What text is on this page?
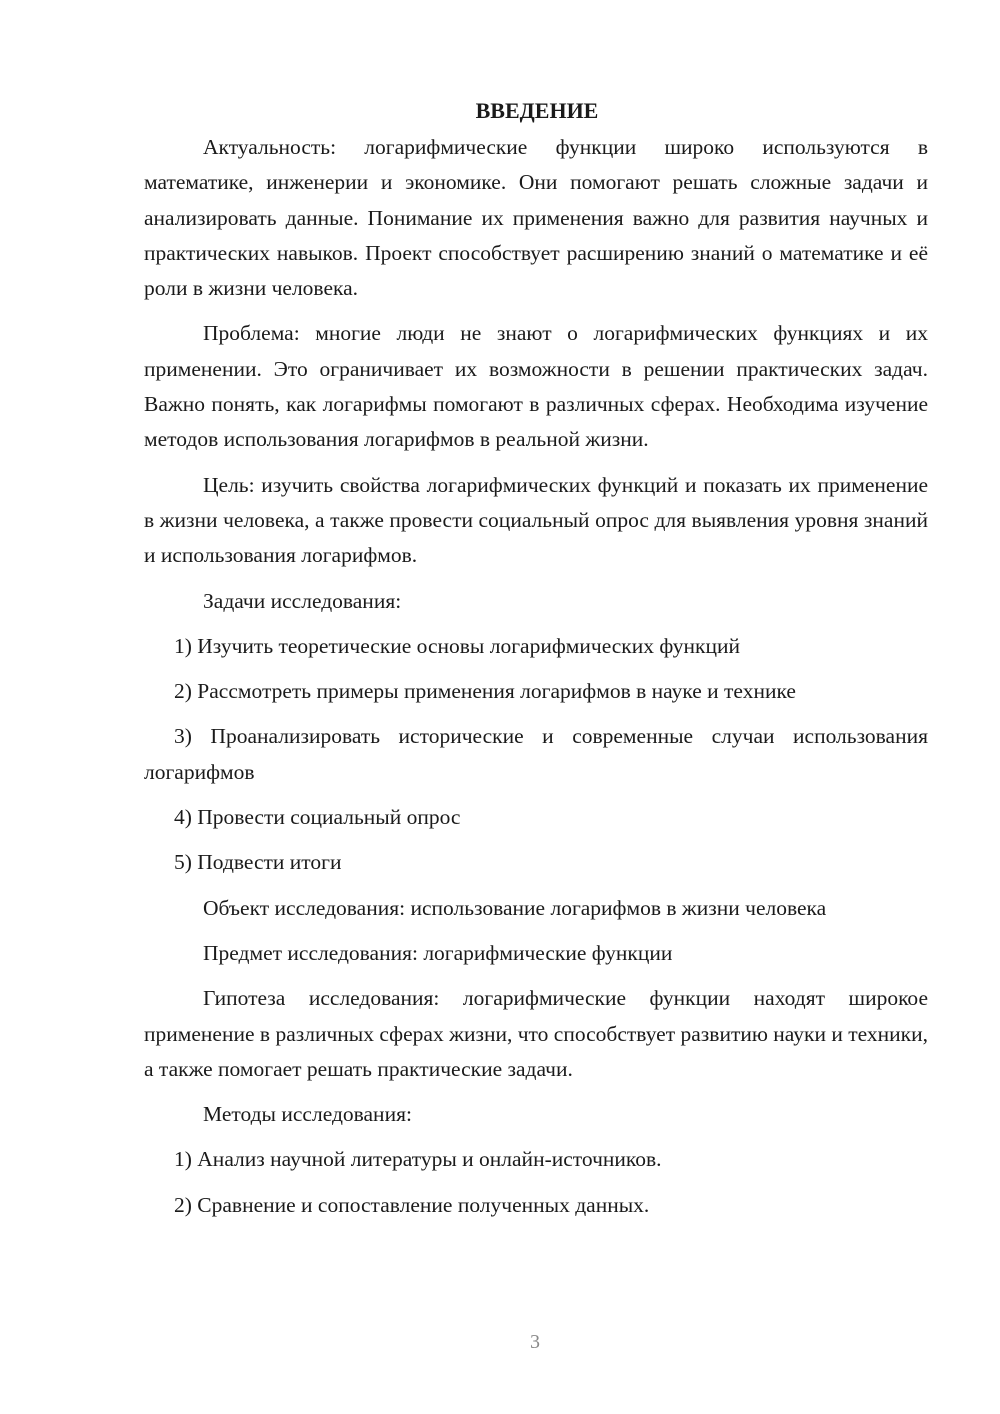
ВВЕДЕНИЕ

Актуальность: логарифмические функции широко используются в математике, инженерии и экономике. Они помогают решать сложные задачи и анализировать данные. Понимание их применения важно для развития научных и практических навыков. Проект способствует расширению знаний о математике и её роли в жизни человека.

Проблема: многие люди не знают о логарифмических функциях и их применении. Это ограничивает их возможности в решении практических задач. Важно понять, как логарифмы помогают в различных сферах. Необходима изучение методов использования логарифмов в реальной жизни.

Цель: изучить свойства логарифмических функций и показать их применение в жизни человека, а также провести социальный опрос для выявления уровня знаний и использования логарифмов.

Задачи исследования:

1) Изучить теоретические основы логарифмических функций

2) Рассмотреть примеры применения логарифмов в науке и технике

3) Проанализировать исторические и современные случаи использования логарифмов

4) Провести социальный опрос

5) Подвести итоги

Объект исследования: использование логарифмов в жизни человека

Предмет исследования: логарифмические функции

Гипотеза исследования: логарифмические функции находят широкое применение в различных сферах жизни, что способствует развитию науки и техники, а также помогает решать практические задачи.

Методы исследования:

1) Анализ научной литературы и онлайн-источников.

2) Сравнение и сопоставление полученных данных.

3
